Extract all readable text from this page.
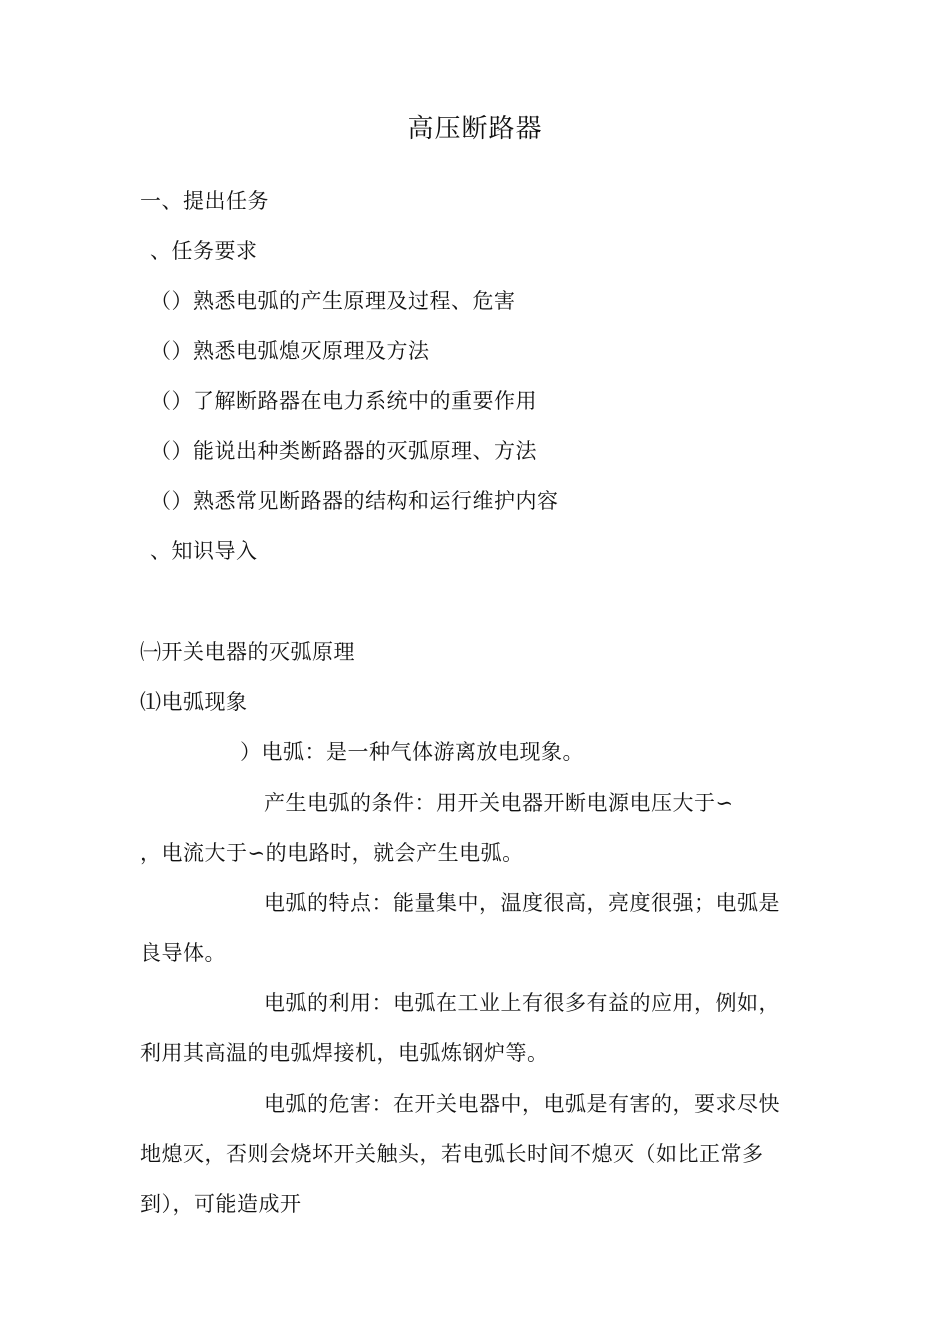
高压断路器
一、提出任务
、任务要求
（）熟悉电弧的产生原理及过程、危害
（）熟悉电弧熄灭原理及方法
（）了解断路器在电力系统中的重要作用
（）能说出种类断路器的灭弧原理、方法
（）熟悉常见断路器的结构和运行维护内容
、知识导入
㈠开关电器的灭弧原理
⑴电弧现象
）电弧：是一种气体游离放电现象。
产生电弧的条件：用开关电器开断电源电压大于∽
，电流大于∽的电路时，就会产生电弧。
电弧的特点：能量集中，温度很高，亮度很强；电弧是
良导体。
电弧的利用：电弧在工业上有很多有益的应用，例如，
利用其高温的电弧焊接机，电弧炼钢炉等。
电弧的危害：在开关电器中，电弧是有害的，要求尽快
地熄灭，否则会烧坏开关触头，若电弧长时间不熄灭（如比正常多
到），可能造成开
